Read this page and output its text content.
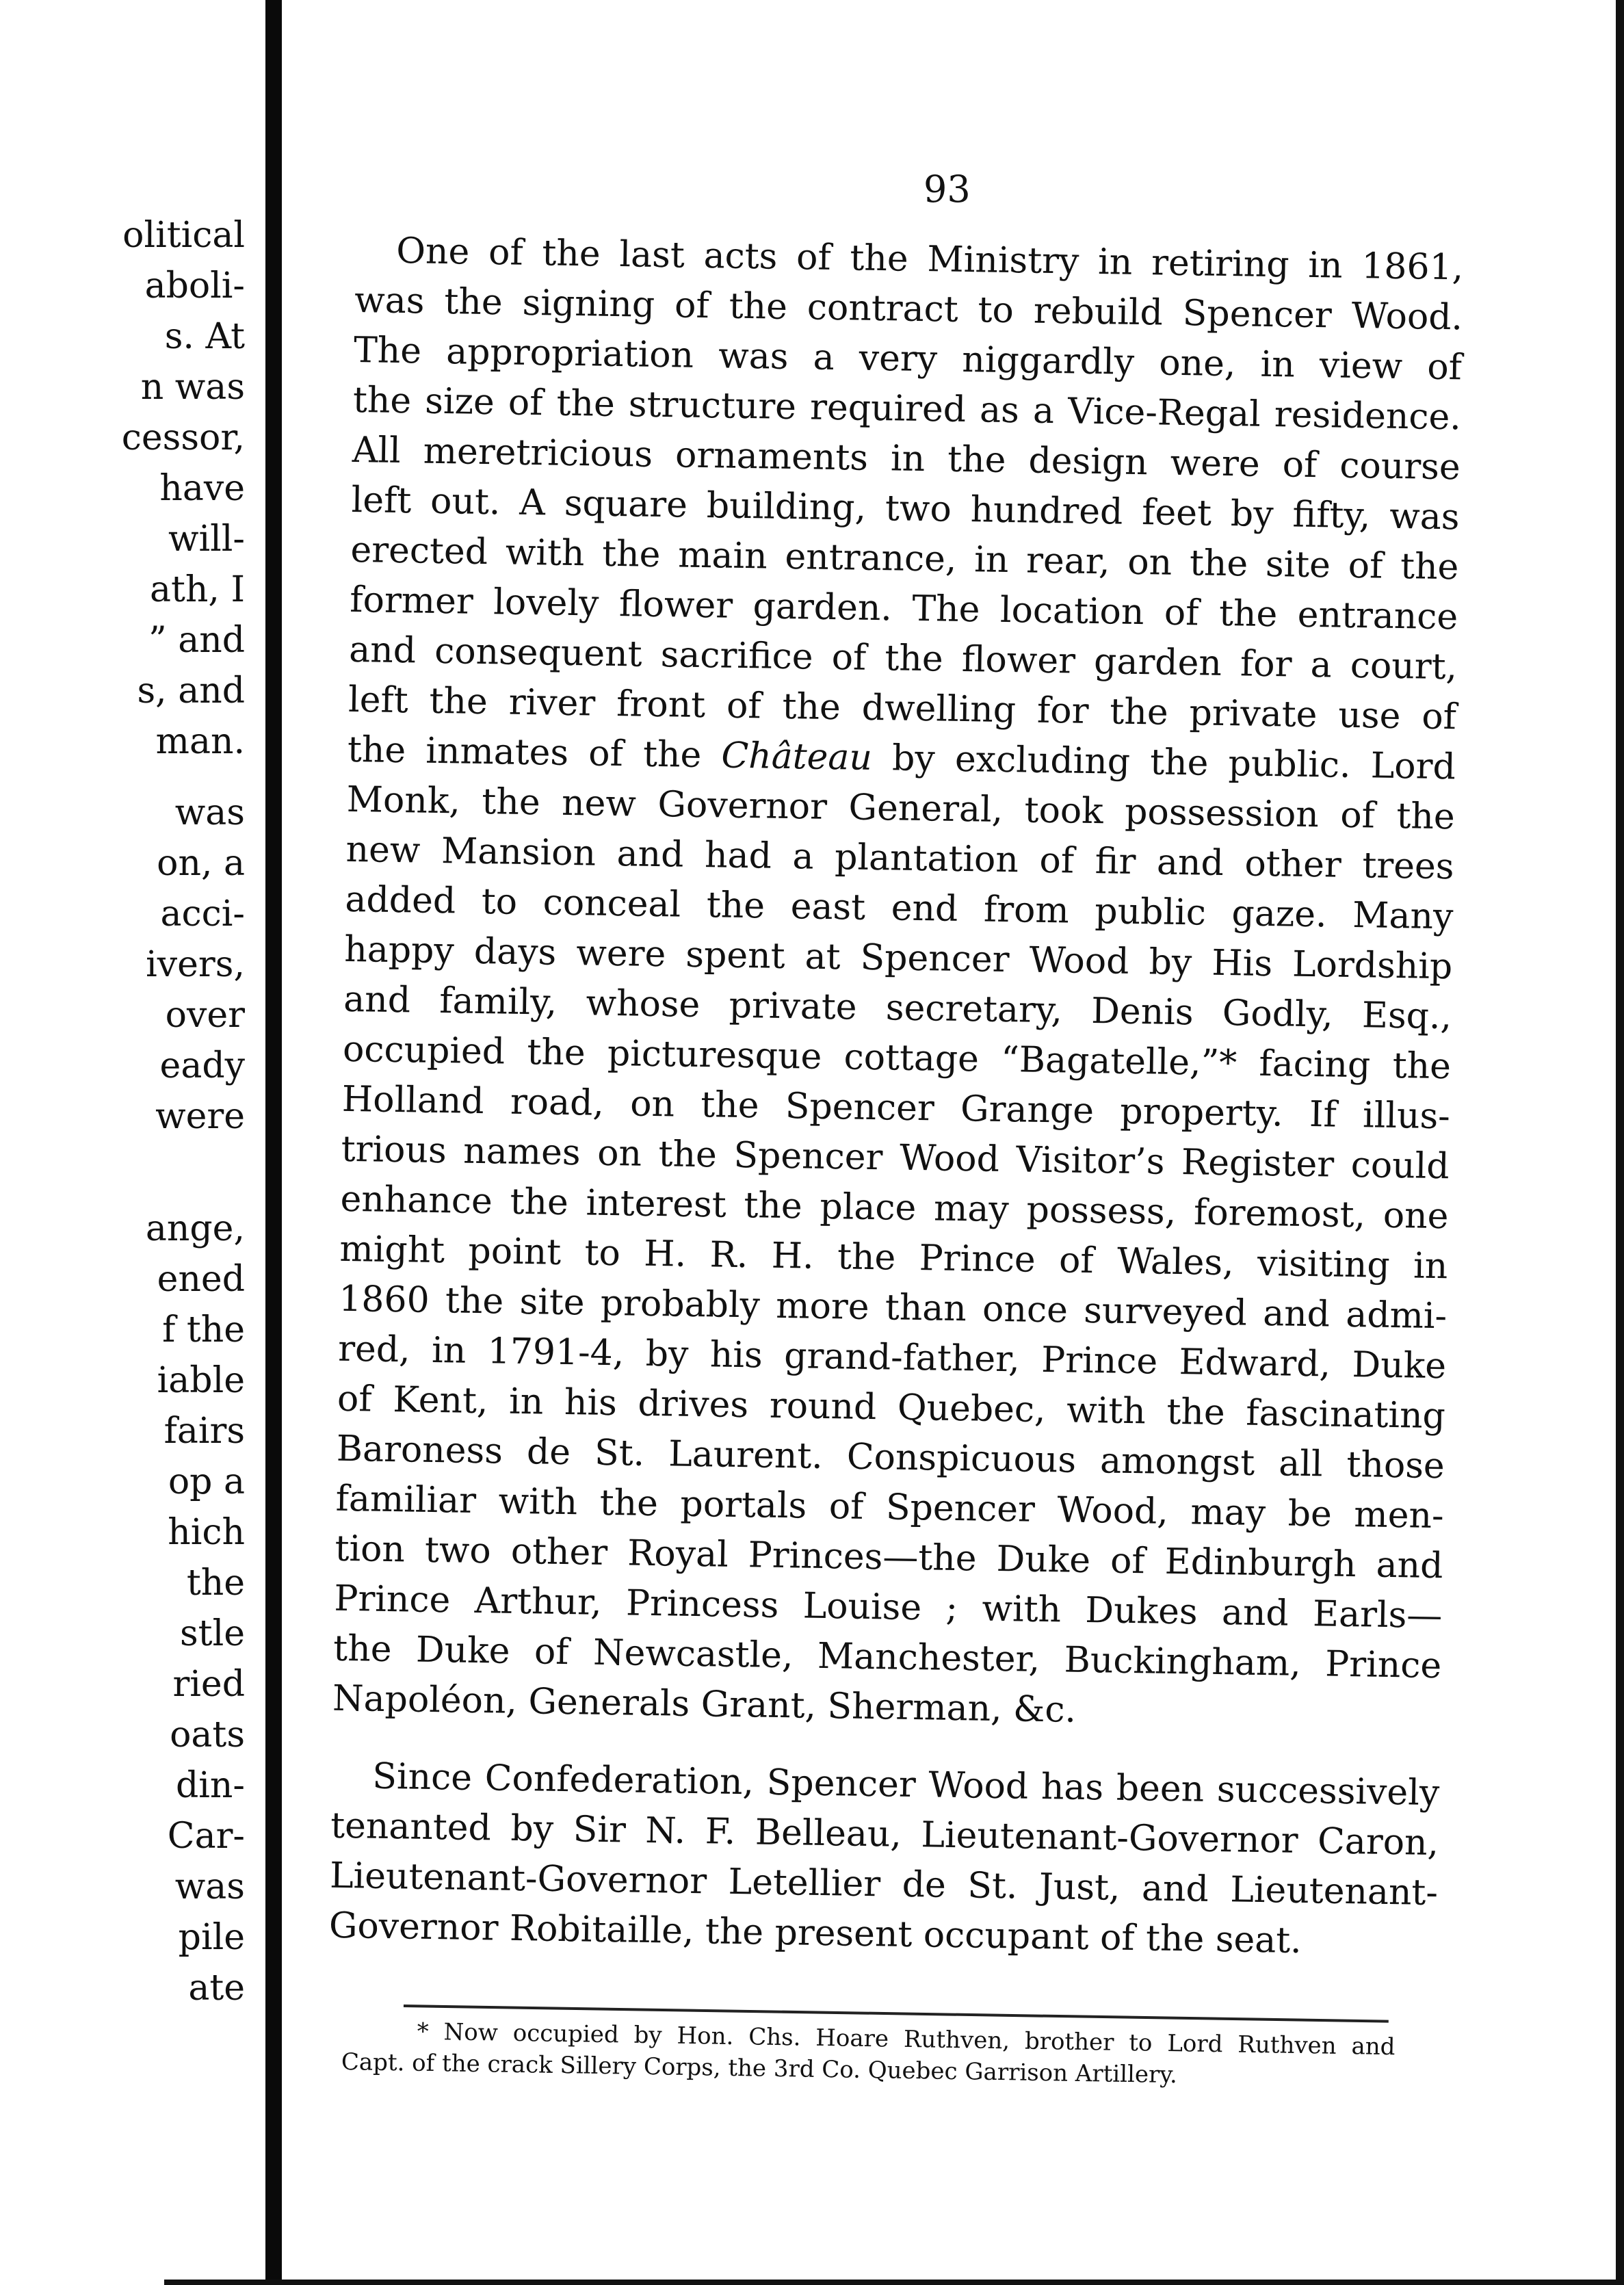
olitical
aboli-
s. At
n was
cessor,
have
will-
ath, I
” and
s, and
man.
was
on, a
acci-
ivers,
over
eady
were
ange,
ened
f the
iable
fairs
op a
hich
the
stle
ried
oats
din-
Car-
was
pile
ate
93
One of the last acts of the Ministry in retiring in 1861,
was the signing of the contract to rebuild Spencer Wood.
The appropriation was a very niggardly one, in view of
the size of the structure required as a Vice-Regal residence.
All meretricious ornaments in the design were of course
left out. A square building, two hundred feet by fifty, was
erected with the main entrance, in rear, on the site of the
former lovely flower garden. The location of the entrance
and consequent sacrifice of the flower garden for a court,
left the river front of the dwelling for the private use of
the inmates of the Château by excluding the public. Lord
Monk, the new Governor General, took possession of the
new Mansion and had a plantation of fir and other trees
added to conceal the east end from public gaze. Many
happy days were spent at Spencer Wood by His Lordship
and family, whose private secretary, Denis Godly, Esq.,
occupied the picturesque cottage “Bagatelle,”* facing the
Holland road, on the Spencer Grange property. If illus-
trious names on the Spencer Wood Visitor’s Register could
enhance the interest the place may possess, foremost, one
might point to H. R. H. the Prince of Wales, visiting in
1860 the site probably more than once surveyed and admi-
red, in 1791-4, by his grand-father, Prince Edward, Duke
of Kent, in his drives round Quebec, with the fascinating
Baroness de St. Laurent. Conspicuous amongst all those
familiar with the portals of Spencer Wood, may be men-
tion two other Royal Princes—the Duke of Edinburgh and
Prince Arthur, Princess Louise ; with Dukes and Earls—
the Duke of Newcastle, Manchester, Buckingham, Prince
Napoléon, Generals Grant, Sherman, &c.
Since Confederation, Spencer Wood has been successively
tenanted by Sir N. F. Belleau, Lieutenant-Governor Caron,
Lieutenant-Governor Letellier de St. Just, and Lieutenant-
Governor Robitaille, the present occupant of the seat.
* Now occupied by Hon. Chs. Hoare Ruthven, brother to Lord Ruthven and
Capt. of the crack Sillery Corps, the 3rd Co. Quebec Garrison Artillery.
